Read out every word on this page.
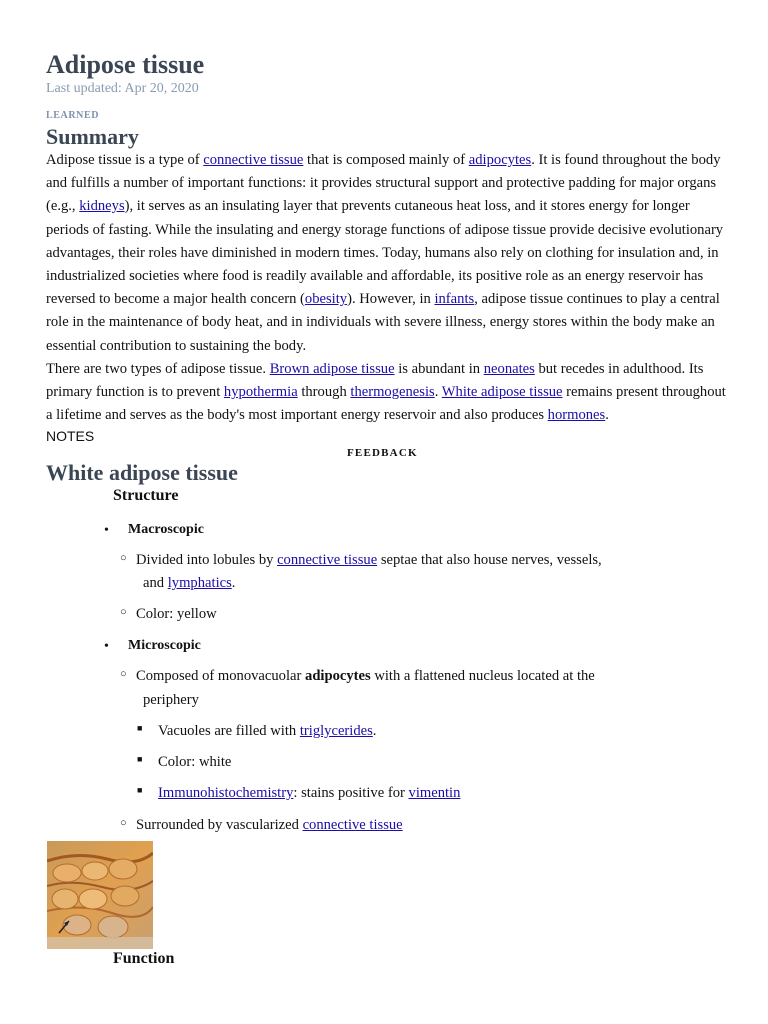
Adipose tissue
Last updated: Apr 20, 2020
LEARNED
Summary

Adipose tissue is a type of connective tissue that is composed mainly of adipocytes. It is found throughout the body and fulfills a number of important functions: it provides structural support and protective padding for major organs (e.g., kidneys), it serves as an insulating layer that prevents cutaneous heat loss, and it stores energy for longer periods of fasting. While the insulating and energy storage functions of adipose tissue provide decisive evolutionary advantages, their roles have diminished in modern times. Today, humans also rely on clothing for insulation and, in industrialized societies where food is readily available and affordable, its positive role as an energy reservoir has reversed to become a major health concern (obesity). However, in infants, adipose tissue continues to play a central role in the maintenance of body heat, and in individuals with severe illness, energy stores within the body make an essential contribution to sustaining the body.

There are two types of adipose tissue. Brown adipose tissue is abundant in neonates but recedes in adulthood. Its primary function is to prevent hypothermia through thermogenesis. White adipose tissue remains present throughout a lifetime and serves as the body's most important energy reservoir and also produces hormones.

NOTES
FEEDBACK
White adipose tissue
Structure
• Macroscopic
○ Divided into lobules by connective tissue septae that also house nerves, vessels,
and lymphatics.
○ Color: yellow
• Microscopic
○ Composed of monovacuolar adipocytes with a flattened nucleus located at the
periphery
■ Vacuoles are filled with triglycerides.
■ Color: white
■ Immunohistochemistry: stains positive for vimentin
○ Surrounded by vascularized connective tissue
Function
